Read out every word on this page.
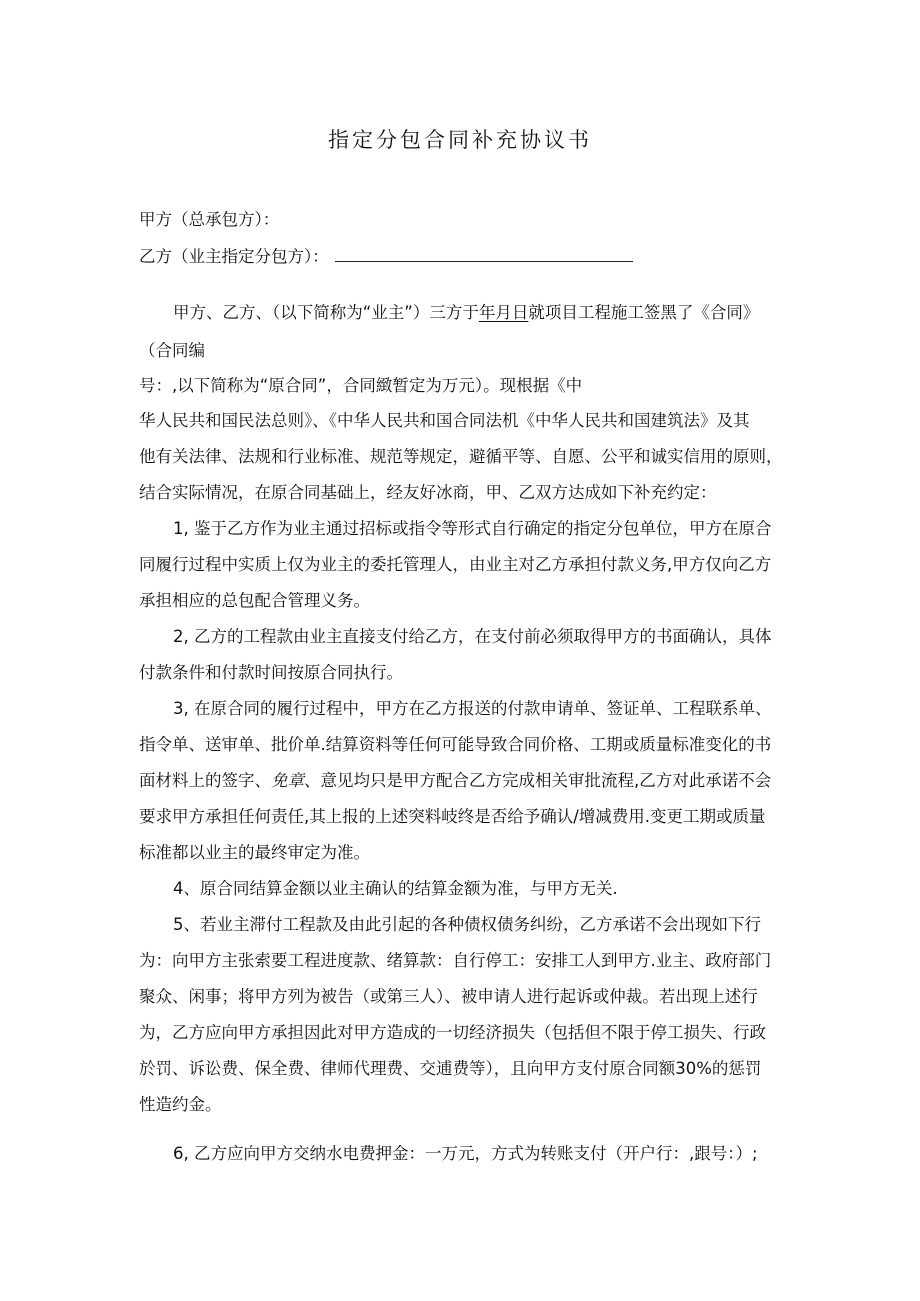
指定分包合同补充协议书
甲方（总承包方）：
乙方（业主指定分包方）：
甲方、乙方、（以下简称为“业主”）三方于年月日就项目工程施工签黑了《合同》
（合同编
号：,以下简称为“原合同”，合同緻暂定为万元）。现根据《中
华人民共和国民法总则》、《中华人民共和国合同法机《中华人民共和国建筑法》及其
他有关法律、法规和行业标准、规范等规定，避循平等、自愿、公平和诚实信用的原则，
结合实际情况，在原合同基础上，经友好冰商，甲、乙双方达成如下补充约定：
1, 鉴于乙方作为业主通过招标或指令等形式自行确定的指定分包单位，甲方在原合
同履行过程中实质上仅为业主的委托管理人，由业主对乙方承担付款义务,甲方仅向乙方
承担相应的总包配合管理义务。
2, 乙方的工程款由业主直接支付给乙方，在支付前必须取得甲方的书面确认，具体
付款条件和付款时间按原合同执行。
3, 在原合同的履行过程中，甲方在乙方报送的付款申请单、签证单、工程联系单、
指令单、送审单、批价单.结算资料等任何可能导致合同价格、工期或质量标准变化的书
面材料上的签字、免章、意见均只是甲方配合乙方完成相关审批流程,乙方对此承诺不会
要求甲方承担任何责任,其上报的上述突料岐终是否给予确认/增减费用.变更工期或质量
标准都以业主的最终审定为准。
4、原合同结算金额以业主确认的结算金额为准，与甲方无关.
5、若业主滞付工程款及由此引起的各种债权债务纠纷，乙方承诺不会出现如下行
为：向甲方主张索要工程进度款、绪算款：自行停工：安排工人到甲方.业主、政府部门
聚众、闲事；将甲方列为被告（或第三人）、被申请人进行起诉或仲裁。若出现上述行
为，乙方应向甲方承担因此对甲方造成的一切经济损失（包括但不限于停工损失、行政
於罚、诉讼费、保全费、律师代理费、交逋费等），且向甲方支付原合同额30%的惩罚
性造约金。
6, 乙方应向甲方交纳水电费押金：一万元，方式为转账支付（开户行：,跟号：）;
